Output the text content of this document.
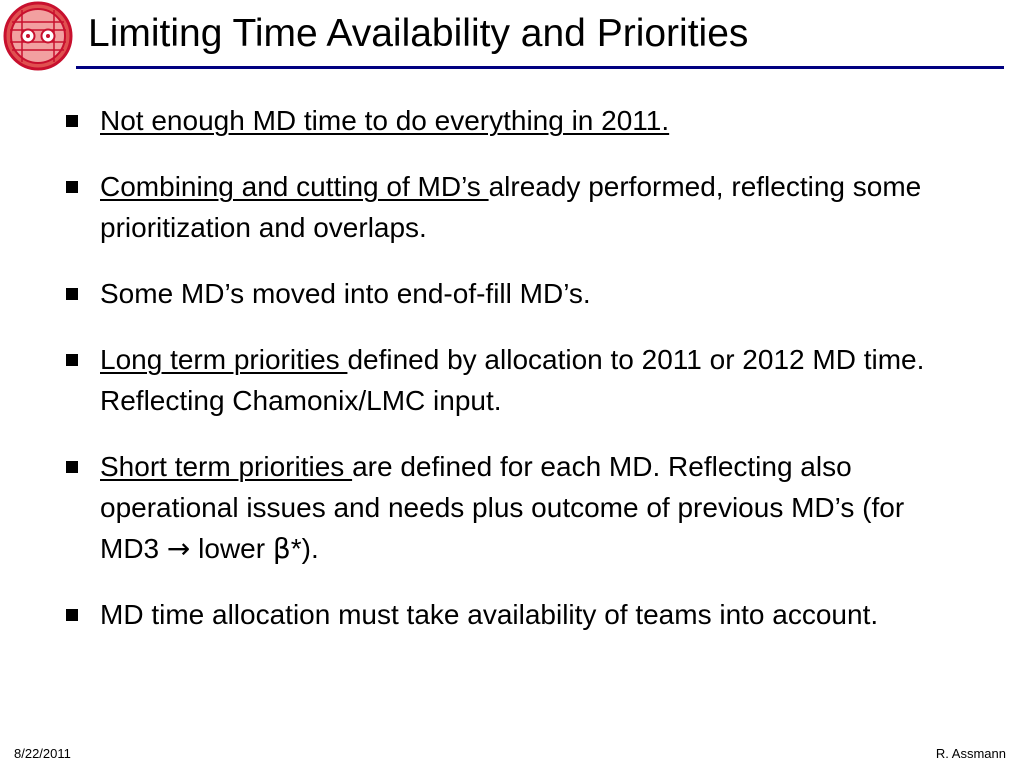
Limiting Time Availability and Priorities
Not enough MD time to do everything in 2011.
Combining and cutting of MD’s already performed, reflecting some prioritization and overlaps.
Some MD’s moved into end-of-fill MD’s.
Long term priorities defined by allocation to 2011 or 2012 MD time. Reflecting Chamonix/LMC input.
Short term priorities are defined for each MD. Reflecting also operational issues and needs plus outcome of previous MD’s (for MD3 → lower β*).
MD time allocation must take availability of teams into account.
8/22/2011	R. Assmann
